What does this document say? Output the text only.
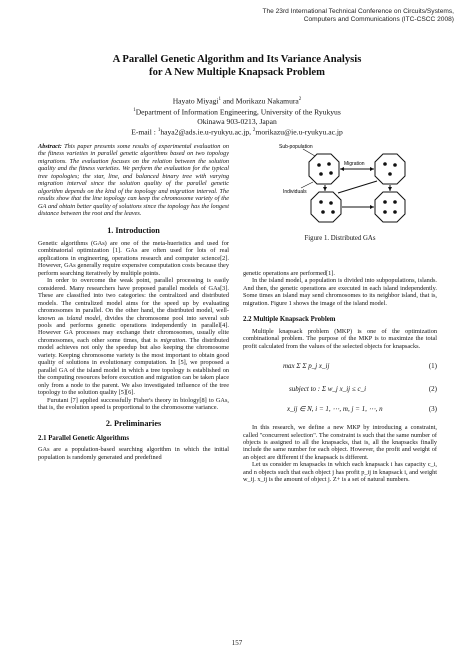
The 23rd International Technical Conference on Circuits/Systems,
Computers and Communications (ITC-CSCC 2008)
A Parallel Genetic Algorithm and Its Variance Analysis
for A New Multiple Knapsack Problem
Hayato Miyagi$^1$ and Morikazu Nakamura$^2$
$^1$Department of Information Engineering, University of the Ryukyus
Okinawa 903-0213, Japan
E-mail : $^1$haya2@ads.ie.u-ryukyu.ac.jp, $^2$morikazu@ie.u-ryukyu.ac.jp

Abstract: This paper presents some results of experimental evaluation on the fitness varieties in parallel genetic algorithms based on two topology migrations. The evaluation focuses on the relation between the solution quality and the fitness varieties. We perform the evaluation for the typical tree topologies; the star, line, and balanced binary tree with varying migration interval since the solution quality of the parallel genetic algorithm depends on the kind of the topology and migration interval. The results show that the line topology can keep the chromosome variety of the GA and obtain better quality of solutions since the topology has the longest distance between the root and the leaves.

1. Introduction

Genetic algorithms (GAs) are one of the meta-hueristics and used for combinatorial optimization [1]. GAs are often used for lots of real applications in engineering, operations research and computer science[2]. However, GAs generally require expensive computation costs because they perform searching iteratively by multiple points.

In order to overcome the weak point, parallel processing is easily considered. Many researchers have proposed parallel models of GAs[3]. These are classified into two categories: the centralized and distributed models. The centralized model aims for the speed up by evaluating chromosomes in parallel. On the other hand, the distributed model, well-known as island model, divides the chromosome pool into several sub pools and performs genetic operations independently in parallel[4]. However GA processes may exchange their chromosomes, usually elite chromosomes, each other some times, that is migration. The distributed model achieves not only the speedup but also keeping the chromosome variety. Keeping chromosome variety is the most important to obtain good quality of solutions in evolutionary computation. In [5], we proposed a parallel GA of the island model in which a tree topology is established on the computing resources before execution and migration can be taken place only from a node to the parent. We also investigated influence of the tree topology to the solution quality [5][6].

Furutani [7] applied successfully Fisher's theory in biology[8] to GAs, that is, the evolution speed is proportional to the chromosome variance.

2. Preliminaries
2.1 Parallel Genetic Algorithms

GAs are a population-based searching algorithm in which the initial population is randomly generated and predefined

Sub-population
Migration
Individuals
Figure 1. Distributed GAs

genetic operations are performed[1].

In the island model, a population is divided into subpopulations, islands. And then, the genetic operations are executed in each island independently. Some times an island may send chromosomes to its neighbor island, that is, migration. Figure 1 shows the image of the island model.

2.2 Multiple Knapsack Problem

Multiple knapsack problem (MKP) is one of the optimization combinational problem. The purpose of the MKP is to maximize the total profit calculated from the values of the selected objects for knapsacks.

max Σ Σ p_j x_ij	(1)
subject to : Σ w_j x_ij ≤ c_i	(2)
x_ij ∈ N, i = 1, ⋯, m, j = 1, ⋯, n	(3)

In this research, we define a new MKP by introducing a constraint, called "concurrent selection". The constraint is such that the same number of objects is assigned to all the knapsacks, that is, all the knapsacks finally include the same number for each object. However, the profit and weight of an object are different if the knapsack is different.

Let us consider m knapsacks in which each knapsack i has capacity c_i, and n objects such that each object j has profit p_ij in knapsack i, and weight w_ij. x_ij is the amount of object j. Z+ is a set of natural numbers.

157
